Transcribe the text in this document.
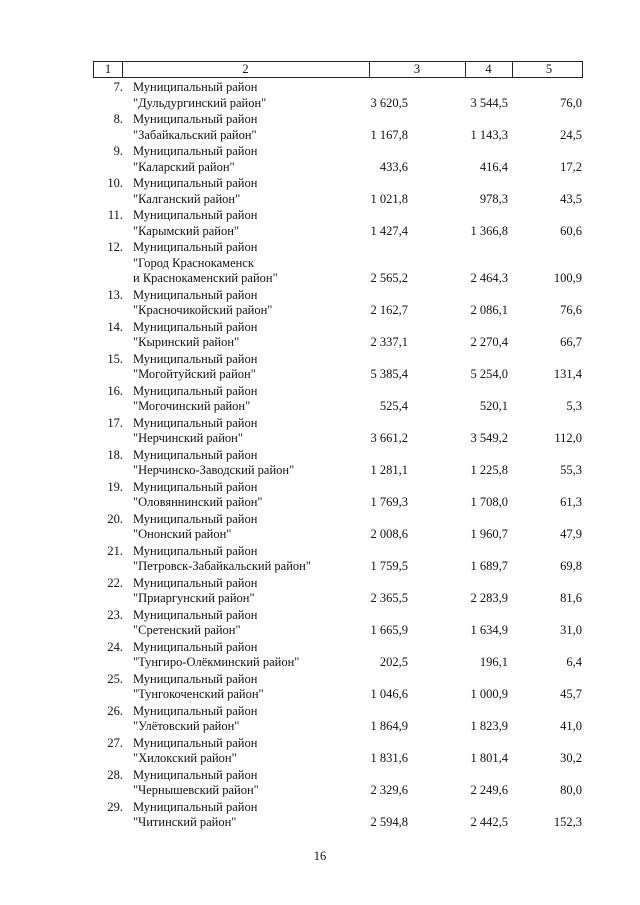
1	2	3	4	5
7. Муниципальный район
"Дульдургинский район"	3 620,5	3 544,5	76,0
8. Муниципальный район
"Забайкальский район"	1 167,8	1 143,3	24,5
9. Муниципальный район
"Каларский район"	433,6	416,4	17,2
10. Муниципальный район
"Калганский район"	1 021,8	978,3	43,5
11. Муниципальный район
"Карымский район"	1 427,4	1 366,8	60,6
12. Муниципальный район
"Город Краснокаменск
и Краснокаменский район"	2 565,2	2 464,3	100,9
13. Муниципальный район
"Красночикойский район"	2 162,7	2 086,1	76,6
14. Муниципальный район
"Кыринский район"	2 337,1	2 270,4	66,7
15. Муниципальный район
"Могойтуйский район"	5 385,4	5 254,0	131,4
16. Муниципальный район
"Могочинский район"	525,4	520,1	5,3
17. Муниципальный район
"Нерчинский район"	3 661,2	3 549,2	112,0
18. Муниципальный район
"Нерчинско-Заводский район"	1 281,1	1 225,8	55,3
19. Муниципальный район
"Оловяннинский район"	1 769,3	1 708,0	61,3
20. Муниципальный район
"Ононский район"	2 008,6	1 960,7	47,9
21. Муниципальный район
"Петровск-Забайкальский район"	1 759,5	1 689,7	69,8
22. Муниципальный район
"Приаргунский район"	2 365,5	2 283,9	81,6
23. Муниципальный район
"Сретенский район"	1 665,9	1 634,9	31,0
24. Муниципальный район
"Тунгиро-Олёкминский район"	202,5	196,1	6,4
25. Муниципальный район
"Тунгокоченский район"	1 046,6	1 000,9	45,7
26. Муниципальный район
"Улётовский район"	1 864,9	1 823,9	41,0
27. Муниципальный район
"Хилокский район"	1 831,6	1 801,4	30,2
28. Муниципальный район
"Чернышевский район"	2 329,6	2 249,6	80,0
29. Муниципальный район
"Читинский район"	2 594,8	2 442,5	152,3
16
